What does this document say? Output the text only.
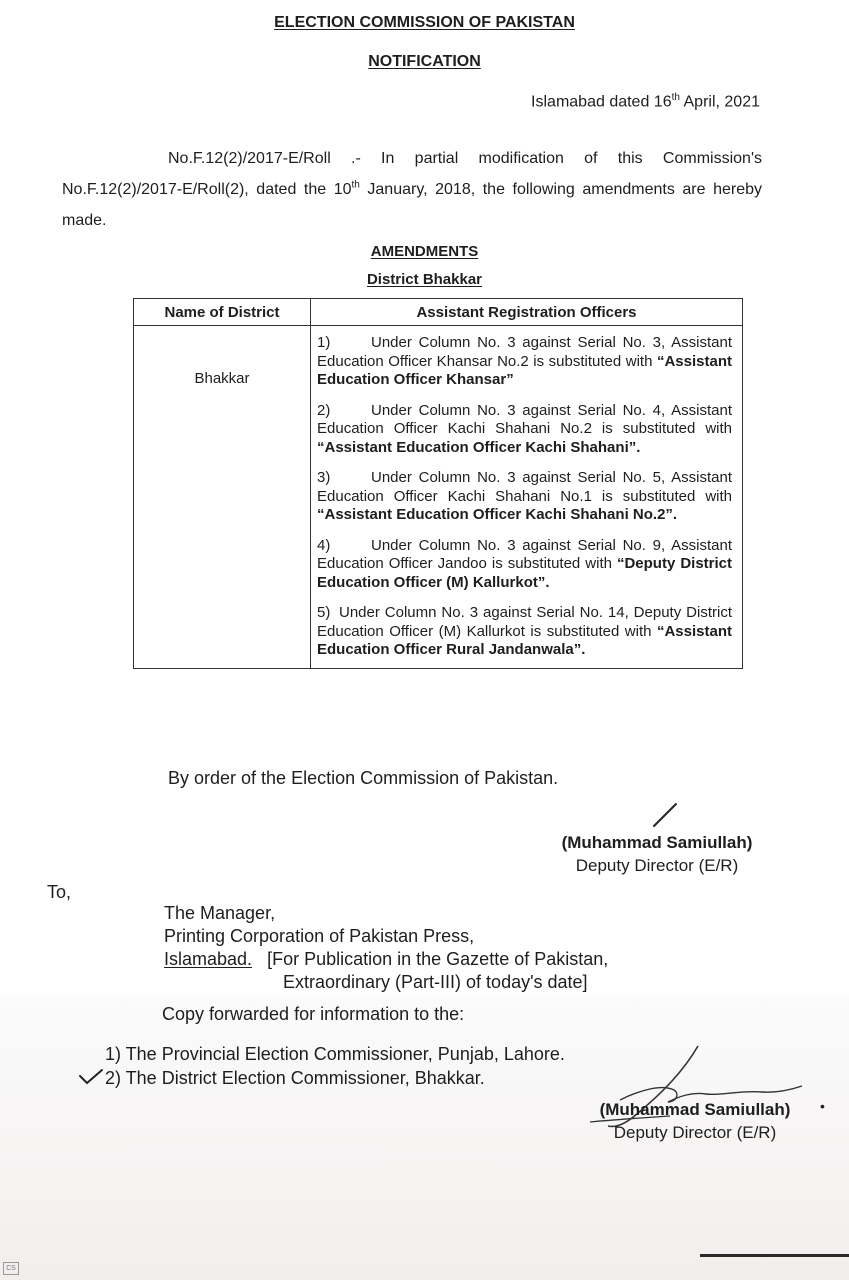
ELECTION COMMISSION OF PAKISTAN
NOTIFICATION
Islamabad dated 16th April, 2021
No.F.12(2)/2017-E/Roll .- In partial modification of this Commission's No.F.12(2)/2017-E/Roll(2), dated the 10th January, 2018, the following amendments are hereby made.
AMENDMENTS
District Bhakkar
Name of District	Assistant Registration Officers
Bhakkar	1) Under Column No. 3 against Serial No. 3, Assistant Education Officer Khansar No.2 is substituted with “Assistant Education Officer Khansar”
2) Under Column No. 3 against Serial No. 4, Assistant Education Officer Kachi Shahani No.2 is substituted with “Assistant Education Officer Kachi Shahani”.
3) Under Column No. 3 against Serial No. 5, Assistant Education Officer Kachi Shahani No.1 is substituted with “Assistant Education Officer Kachi Shahani No.2”.
4) Under Column No. 3 against Serial No. 9, Assistant Education Officer Jandoo is substituted with “Deputy District Education Officer (M) Kallurkot”.
5) Under Column No. 3 against Serial No. 14, Deputy District Education Officer (M) Kallurkot is substituted with “Assistant Education Officer Rural Jandanwala”.
By order of the Election Commission of Pakistan.
(Muhammad Samiullah)
Deputy Director (E/R)
To,
The Manager,
Printing Corporation of Pakistan Press,
Islamabad. [For Publication in the Gazette of Pakistan,
Extraordinary (Part-III) of today's date]
Copy forwarded for information to the:
1) The Provincial Election Commissioner, Punjab, Lahore.
2) The District Election Commissioner, Bhakkar.
(Muhammad Samiullah)
Deputy Director (E/R)
•
CS
